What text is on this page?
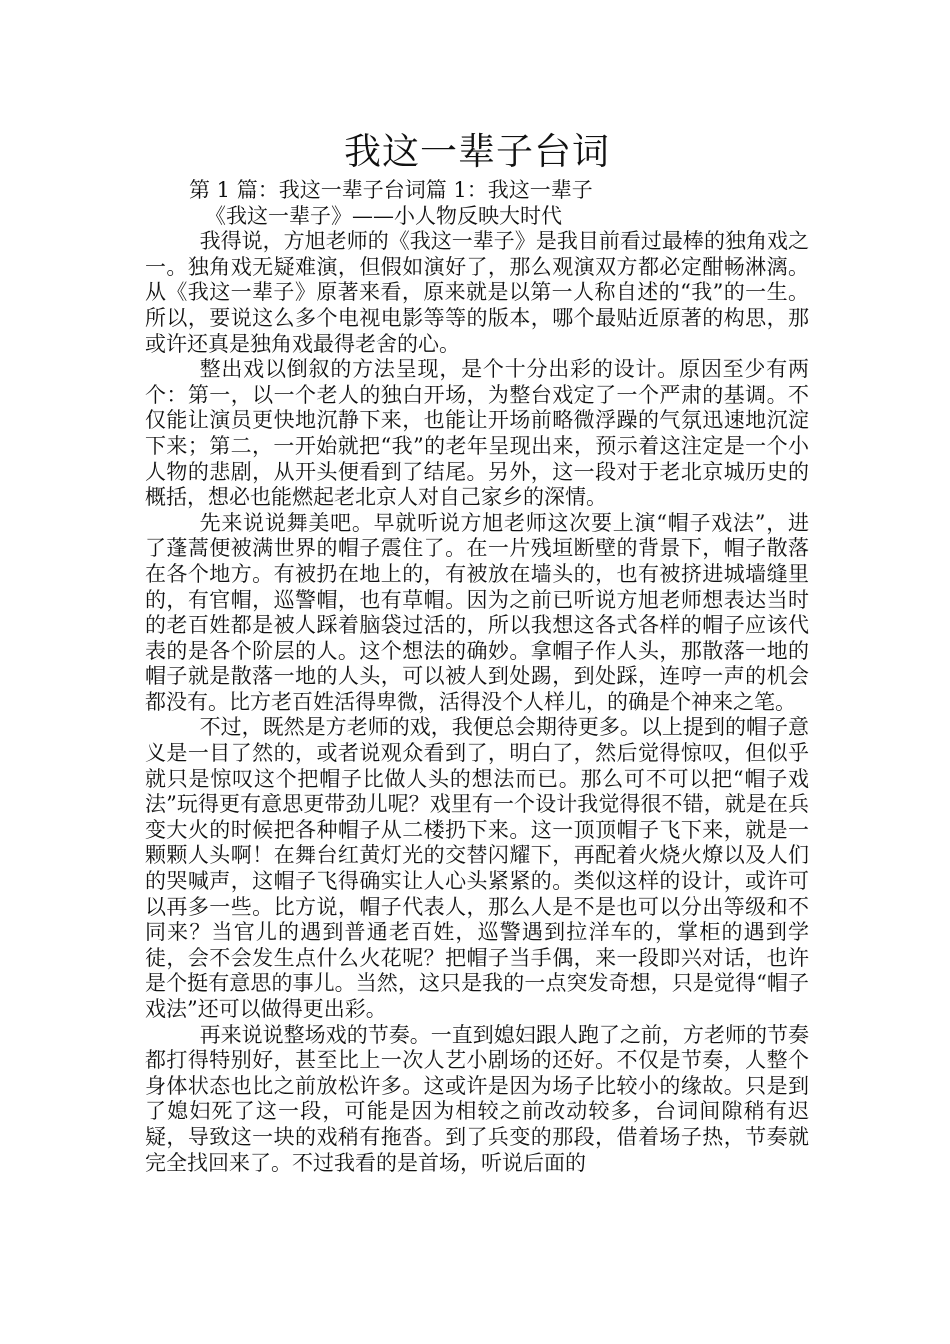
我这一辈子台词

第 1 篇：我这一辈子台词篇 1：我这一辈子

《我这一辈子》——小人物反映大时代

我得说，方旭老师的《我这一辈子》是我目前看过最棒的独角戏之一。独角戏无疑难演，但假如演好了，那么观演双方都必定酣畅淋漓。从《我这一辈子》原著来看，原来就是以第一人称自述的“我”的一生。所以，要说这么多个电视电影等等的版本，哪个最贴近原著的构思，那或许还真是独角戏最得老舍的心。

整出戏以倒叙的方法呈现，是个十分出彩的设计。原因至少有两个：第一，以一个老人的独白开场，为整台戏定了一个严肃的基调。不仅能让演员更快地沉静下来，也能让开场前略微浮躁的气氛迅速地沉淀下来；第二，一开始就把“我”的老年呈现出来，预示着这注定是一个小人物的悲剧，从开头便看到了结尾。另外，这一段对于老北京城历史的概括，想必也能燃起老北京人对自己家乡的深情。

先来说说舞美吧。早就听说方旭老师这次要上演“帽子戏法”，进了蓬蒿便被满世界的帽子震住了。在一片残垣断壁的背景下，帽子散落在各个地方。有被扔在地上的，有被放在墙头的，也有被挤进城墙缝里的，有官帽，巡警帽，也有草帽。因为之前已听说方旭老师想表达当时的老百姓都是被人踩着脑袋过活的，所以我想这各式各样的帽子应该代表的是各个阶层的人。这个想法的确妙。拿帽子作人头，那散落一地的帽子就是散落一地的人头，可以被人到处踢，到处踩，连哼一声的机会都没有。比方老百姓活得卑微，活得没个人样儿，的确是个神来之笔。

不过，既然是方老师的戏，我便总会期待更多。以上提到的帽子意义是一目了然的，或者说观众看到了，明白了，然后觉得惊叹，但似乎就只是惊叹这个把帽子比做人头的想法而已。那么可不可以把“帽子戏法”玩得更有意思更带劲儿呢？戏里有一个设计我觉得很不错，就是在兵变大火的时候把各种帽子从二楼扔下来。这一顶顶帽子飞下来，就是一颗颗人头啊！在舞台红黄灯光的交替闪耀下，再配着火烧火燎以及人们的哭喊声，这帽子飞得确实让人心头紧紧的。类似这样的设计，或许可以再多一些。比方说，帽子代表人，那么人是不是也可以分出等级和不同来？当官儿的遇到普通老百姓，巡警遇到拉洋车的，掌柜的遇到学徒，会不会发生点什么火花呢？把帽子当手偶，来一段即兴对话，也许是个挺有意思的事儿。当然，这只是我的一点突发奇想，只是觉得“帽子戏法”还可以做得更出彩。

再来说说整场戏的节奏。一直到媳妇跟人跑了之前，方老师的节奏都打得特别好，甚至比上一次人艺小剧场的还好。不仅是节奏，人整个身体状态也比之前放松许多。这或许是因为场子比较小的缘故。只是到了媳妇死了这一段，可能是因为相较之前改动较多，台词间隙稍有迟疑，导致这一块的戏稍有拖沓。到了兵变的那段，借着场子热，节奏就完全找回来了。不过我看的是首场，听说后面的
